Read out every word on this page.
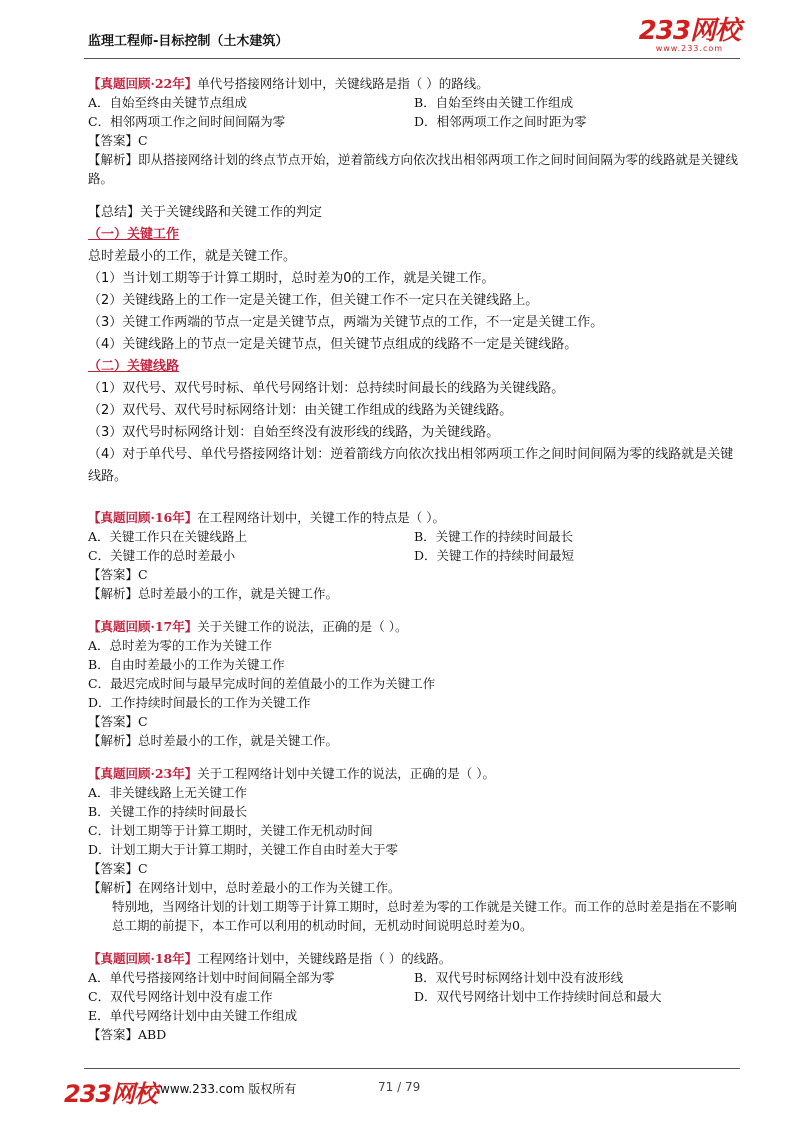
监理工程师-目标控制（土木建筑）	233网校
www.233.com
【真题回顾·22年】单代号搭接网络计划中，关键线路是指（ ）的路线。
A．自始至终由关键节点组成	B．自始至终由关键工作组成
C．相邻两项工作之间时间间隔为零	D．相邻两项工作之间时距为零
【答案】C
【解析】即从搭接网络计划的终点节点开始，逆着箭线方向依次找出相邻两项工作之间时间间隔为零的线路就是关键线路。
【总结】关于关键线路和关键工作的判定
（一）关键工作
总时差最小的工作，就是关键工作。
（1）当计划工期等于计算工期时，总时差为0的工作，就是关键工作。
（2）关键线路上的工作一定是关键工作，但关键工作不一定只在关键线路上。
（3）关键工作两端的节点一定是关键节点，两端为关键节点的工作，不一定是关键工作。
（4）关键线路上的节点一定是关键节点，但关键节点组成的线路不一定是关键线路。
（二）关键线路
（1）双代号、双代号时标、单代号网络计划：总持续时间最长的线路为关键线路。
（2）双代号、双代号时标网络计划：由关键工作组成的线路为关键线路。
（3）双代号时标网络计划：自始至终没有波形线的线路，为关键线路。
（4）对于单代号、单代号搭接网络计划：逆着箭线方向依次找出相邻两项工作之间时间间隔为零的线路就是关键线路。
【真题回顾·16年】在工程网络计划中，关键工作的特点是（ ）。
A．关键工作只在关键线路上	B．关键工作的持续时间最长
C．关键工作的总时差最小	D．关键工作的持续时间最短
【答案】C
【解析】总时差最小的工作，就是关键工作。
【真题回顾·17年】关于关键工作的说法，正确的是（ ）。
A．总时差为零的工作为关键工作
B．自由时差最小的工作为关键工作
C．最迟完成时间与最早完成时间的差值最小的工作为关键工作
D．工作持续时间最长的工作为关键工作
【答案】C
【解析】总时差最小的工作，就是关键工作。
【真题回顾·23年】关于工程网络计划中关键工作的说法，正确的是（ ）。
A．非关键线路上无关键工作
B．关键工作的持续时间最长
C．计划工期等于计算工期时，关键工作无机动时间
D．计划工期大于计算工期时，关键工作自由时差大于零
【答案】C
【解析】在网络计划中，总时差最小的工作为关键工作。
特别地，当网络计划的计划工期等于计算工期时，总时差为零的工作就是关键工作。而工作的总时差是指在不影响总工期的前提下，本工作可以利用的机动时间，无机动时间说明总时差为0。
【真题回顾·18年】工程网络计划中，关键线路是指（ ）的线路。
A．单代号搭接网络计划中时间间隔全部为零	B．双代号时标网络计划中没有波形线
C．双代号网络计划中没有虚工作	D．双代号网络计划中工作持续时间总和最大
E．单代号网络计划中由关键工作组成
【答案】ABD
233网校 www.233.com 版权所有	71 / 79
